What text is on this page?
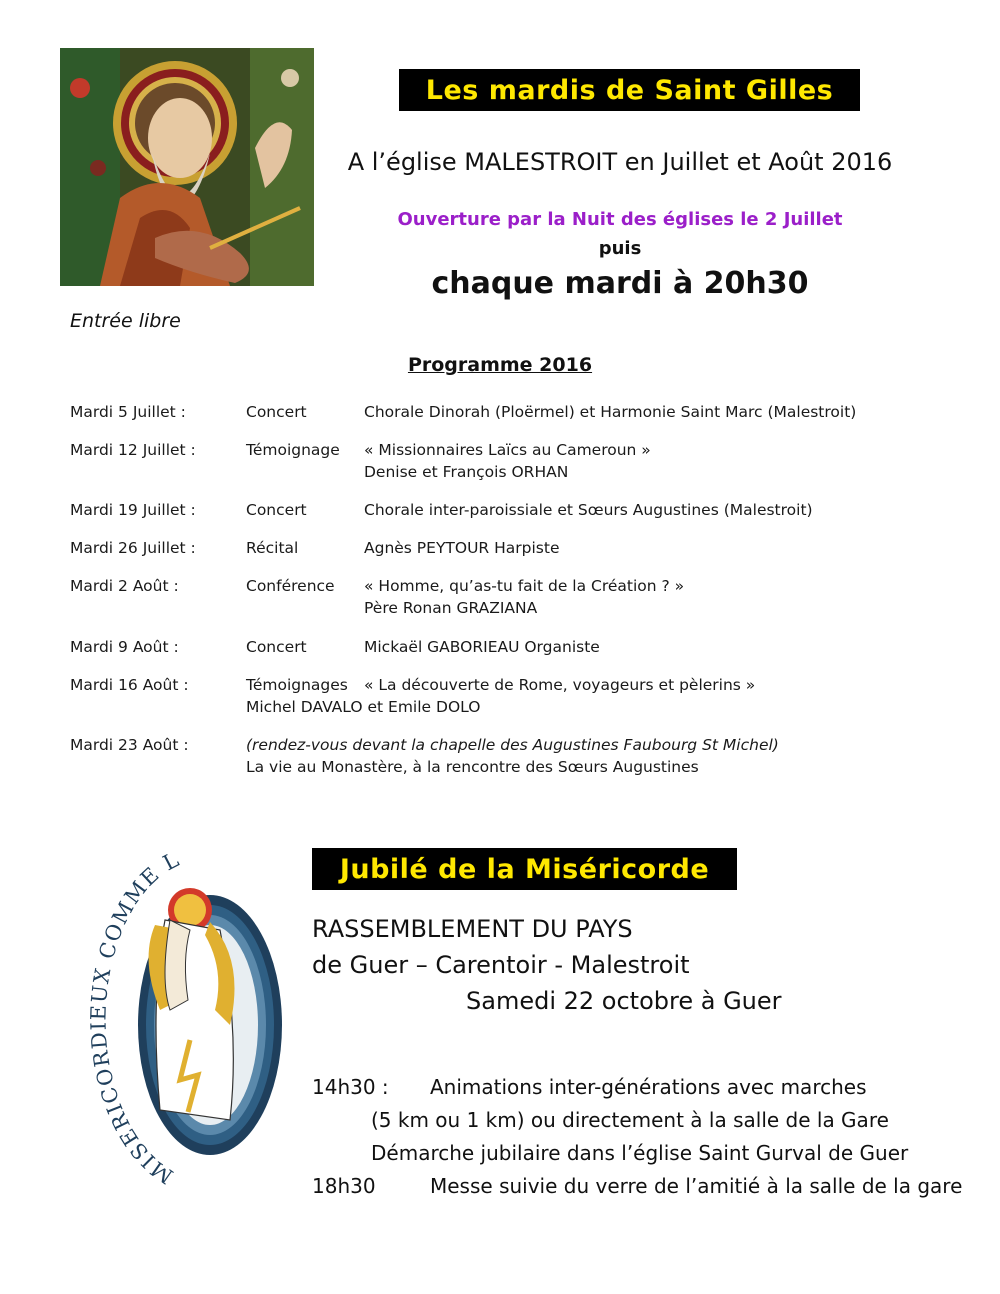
Les mardis de Saint Gilles
A l’église MALESTROIT en Juillet et Août 2016
Ouverture par la Nuit des églises le 2 Juillet
puis
chaque mardi à 20h30
Entrée libre
Programme 2016
Mardi 5 Juillet :	Concert	Chorale Dinorah (Ploërmel) et Harmonie Saint Marc (Malestroit)
Mardi 12 Juillet :	Témoignage « Missionnaires Laïcs au Cameroun »
Denise et François ORHAN
Mardi 19 Juillet :	Concert	Chorale inter-paroissiale et Sœurs Augustines (Malestroit)
Mardi 26 Juillet :	Récital	Agnès PEYTOUR Harpiste
Mardi 2 Août :	Conférence « Homme, qu’as-tu fait de la Création ? »
Père Ronan GRAZIANA
Mardi 9 Août :	Concert	Mickaël GABORIEAU Organiste
Mardi 16 Août :	Témoignages « La découverte de Rome, voyageurs et pèlerins »
Michel DAVALO et Emile DOLO
Mardi 23 Août :	(rendez-vous devant la chapelle des Augustines Faubourg St Michel)
La vie au Monastère, à la rencontre des Sœurs Augustines
MISERICORDIEUX COMME L	Jubilé de la Miséricorde
RASSEMBLEMENT DU PAYS
de Guer – Carentoir - Malestroit
Samedi 22 octobre à Guer
14h30 : Animations inter-générations avec marches
(5 km ou 1 km) ou directement à la salle de la Gare
Démarche jubilaire dans l’église Saint Gurval de Guer
18h30	Messe suivie du verre de l’amitié à la salle de la gare
